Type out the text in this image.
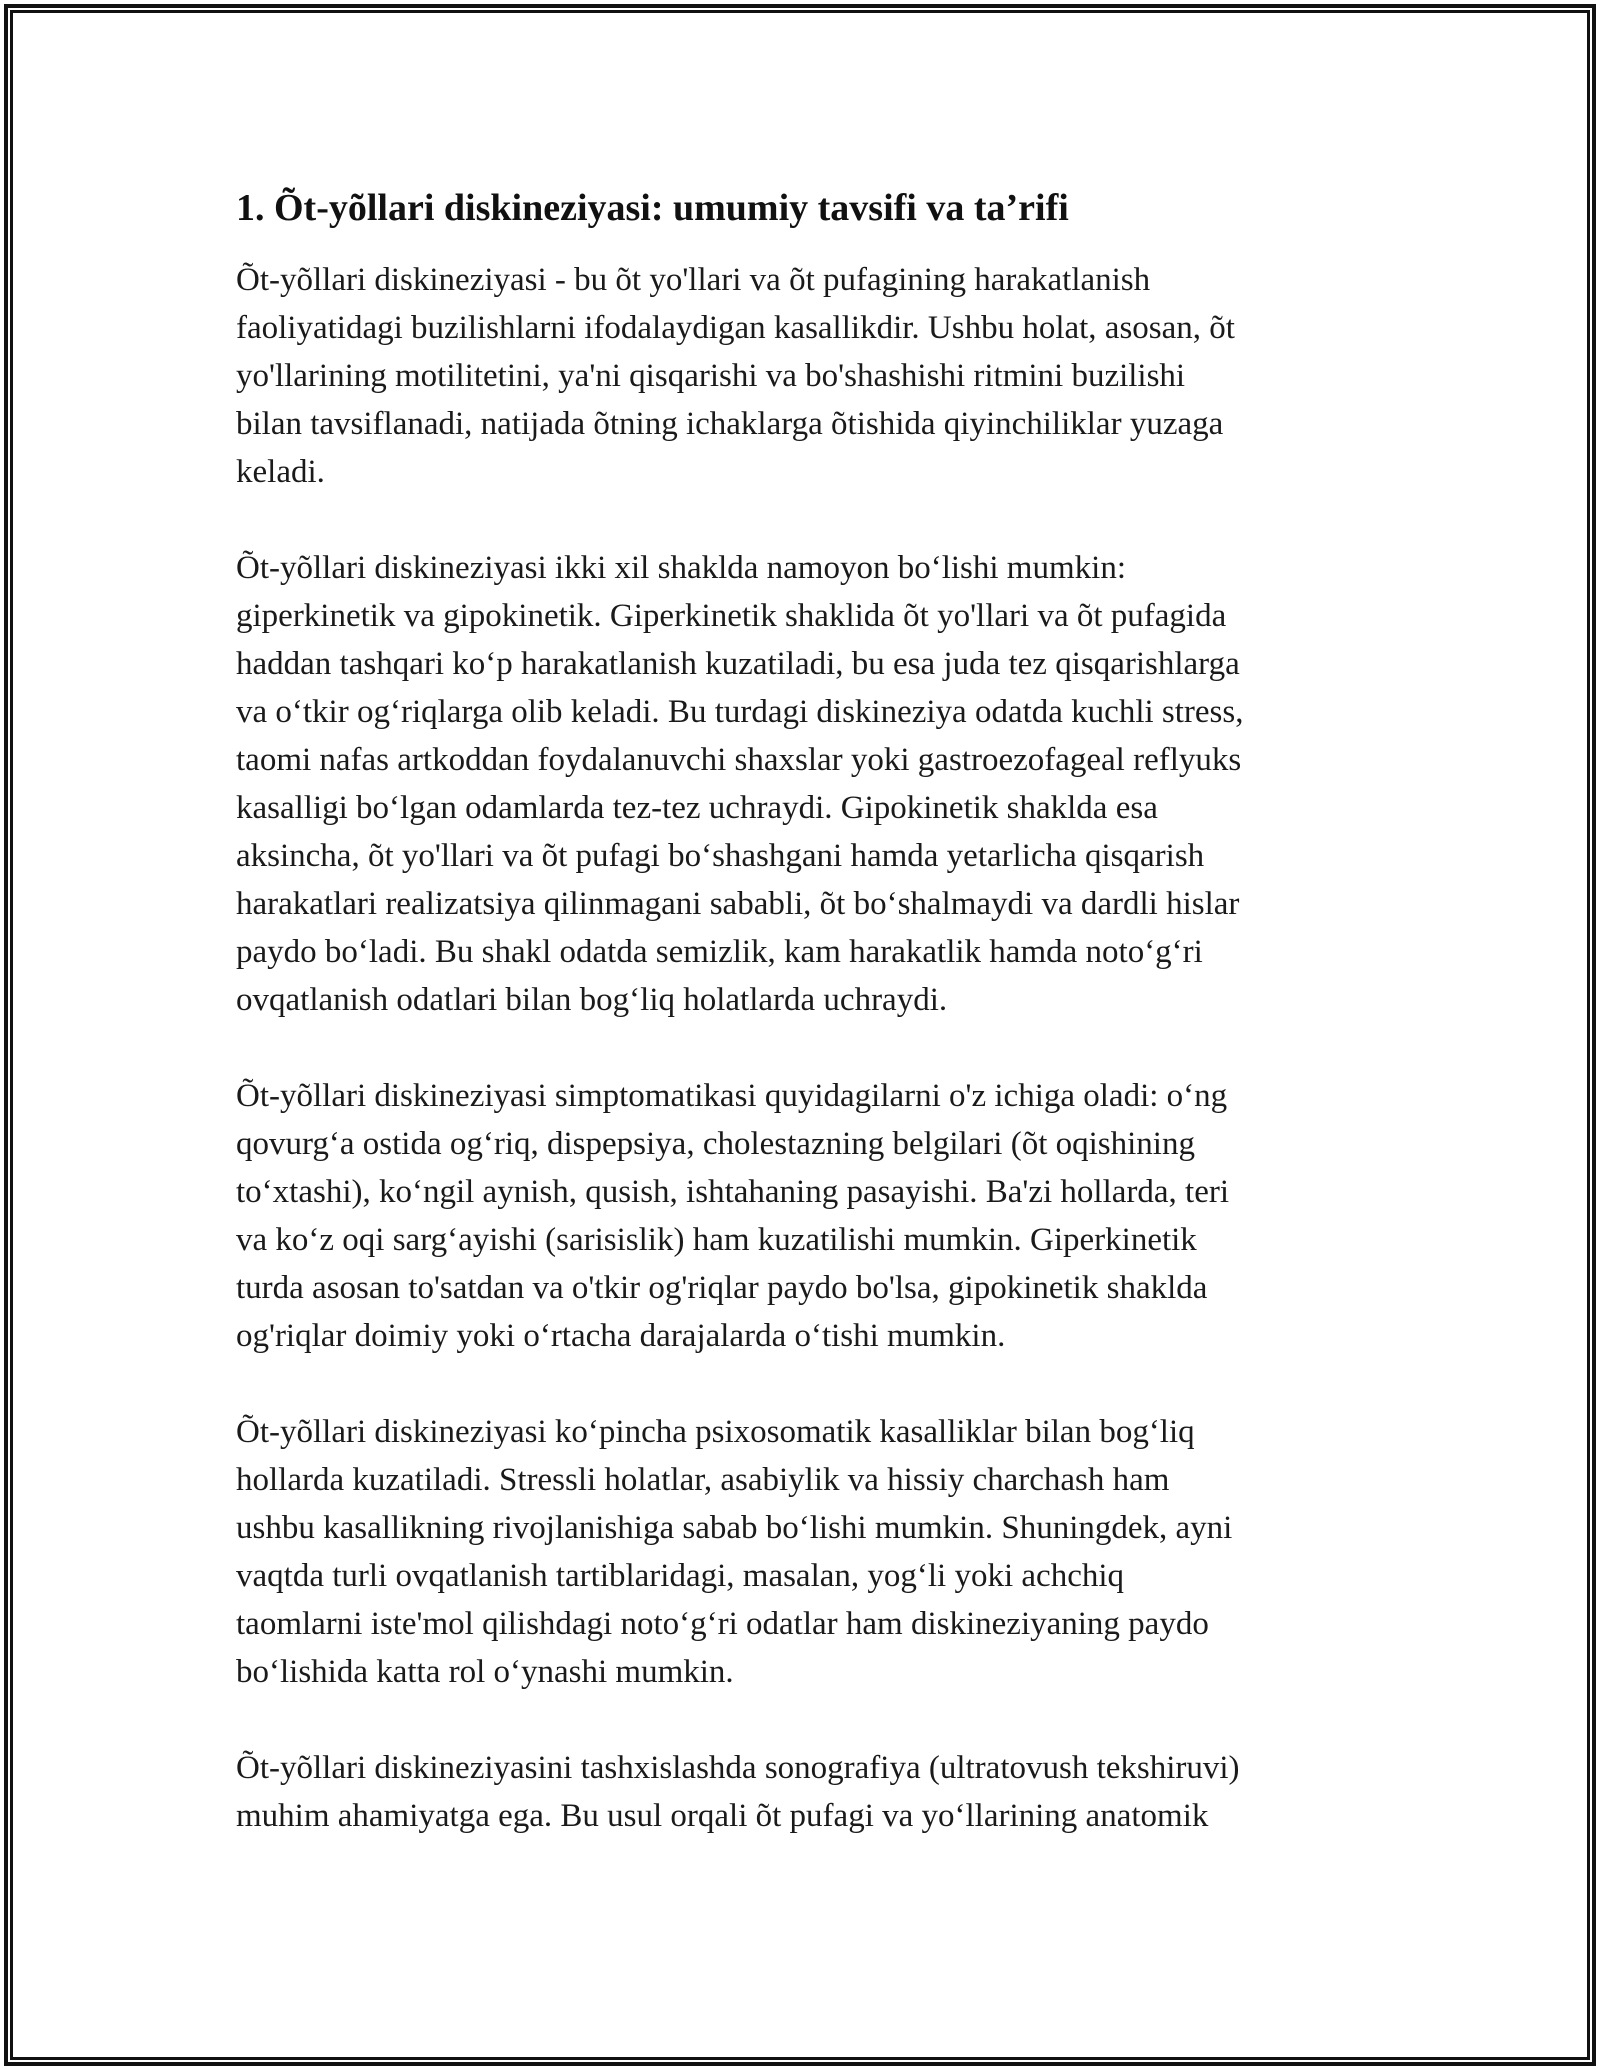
1. Õt-yõllari diskineziyasi: umumiy tavsifi va ta’rifi

Õt-yõllari diskineziyasi - bu õt yo'llari va õt pufagining harakatlanish
faoliyatidagi buzilishlarni ifodalaydigan kasallikdir. Ushbu holat, asosan, õt
yo'llarining motilitetini, ya'ni qisqarishi va bo'shashishi ritmini buzilishi
bilan tavsiflanadi, natijada õtning ichaklarga õtishida qiyinchiliklar yuzaga
keladi.

Õt-yõllari diskineziyasi ikki xil shaklda namoyon boʻlishi mumkin:
giperkinetik va gipokinetik. Giperkinetik shaklida õt yo'llari va õt pufagida
haddan tashqari koʻp harakatlanish kuzatiladi, bu esa juda tez qisqarishlarga
va oʻtkir ogʻriqlarga olib keladi. Bu turdagi diskineziya odatda kuchli stress,
taomi nafas artkoddan foydalanuvchi shaxslar yoki gastroezofageal reflyuks
kasalligi boʻlgan odamlarda tez-tez uchraydi. Gipokinetik shaklda esa
aksincha, õt yo'llari va õt pufagi boʻshashgani hamda yetarlicha qisqarish
harakatlari realizatsiya qilinmagani sababli, õt boʻshalmaydi va dardli hislar
paydo boʻladi. Bu shakl odatda semizlik, kam harakatlik hamda notoʻgʻri
ovqatlanish odatlari bilan bogʻliq holatlarda uchraydi.

Õt-yõllari diskineziyasi simptomatikasi quyidagilarni o'z ichiga oladi: oʻng
qovurgʻa ostida ogʻriq, dispepsiya, cholestazning belgilari (õt oqishining
toʻxtashi), koʻngil aynish, qusish, ishtahaning pasayishi. Ba'zi hollarda, teri
va koʻz oqi sargʻayishi (sarisislik) ham kuzatilishi mumkin. Giperkinetik
turda asosan to'satdan va o'tkir og'riqlar paydo bo'lsa, gipokinetik shaklda
og'riqlar doimiy yoki oʻrtacha darajalarda oʻtishi mumkin.

Õt-yõllari diskineziyasi koʻpincha psixosomatik kasalliklar bilan bogʻliq
hollarda kuzatiladi. Stressli holatlar, asabiylik va hissiy charchash ham
ushbu kasallikning rivojlanishiga sabab boʻlishi mumkin. Shuningdek, ayni
vaqtda turli ovqatlanish tartiblaridagi, masalan, yogʻli yoki achchiq
taomlarni iste'mol qilishdagi notoʻgʻri odatlar ham diskineziyaning paydo
boʻlishida katta rol oʻynashi mumkin.

Õt-yõllari diskineziyasini tashxislashda sonografiya (ultratovush tekshiruvi)
muhim ahamiyatga ega. Bu usul orqali õt pufagi va yoʻllarining anatomik
